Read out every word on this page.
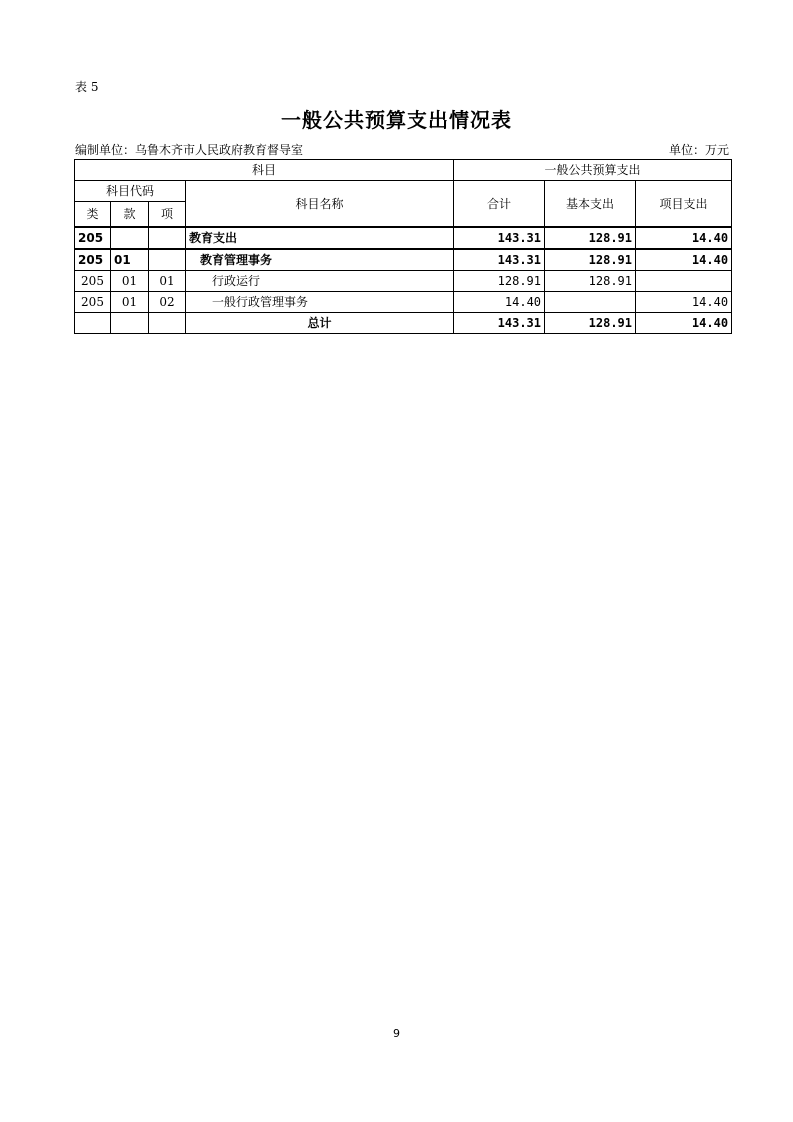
表 5
一般公共预算支出情况表
编制单位：乌鲁木齐市人民政府教育督导室	单位：万元
科目				一般公共预算支出		
科目代码			科目名称	合计	基本支出	项目支出
类	款	项				
205			教育支出	143.31	128.91	14.40
205	01		教育管理事务	143.31	128.91	14.40
205	01	01	行政运行	128.91	128.91	
205	01	02	一般行政管理事务	14.40		14.40
			总计	143.31	128.91	14.40
9
